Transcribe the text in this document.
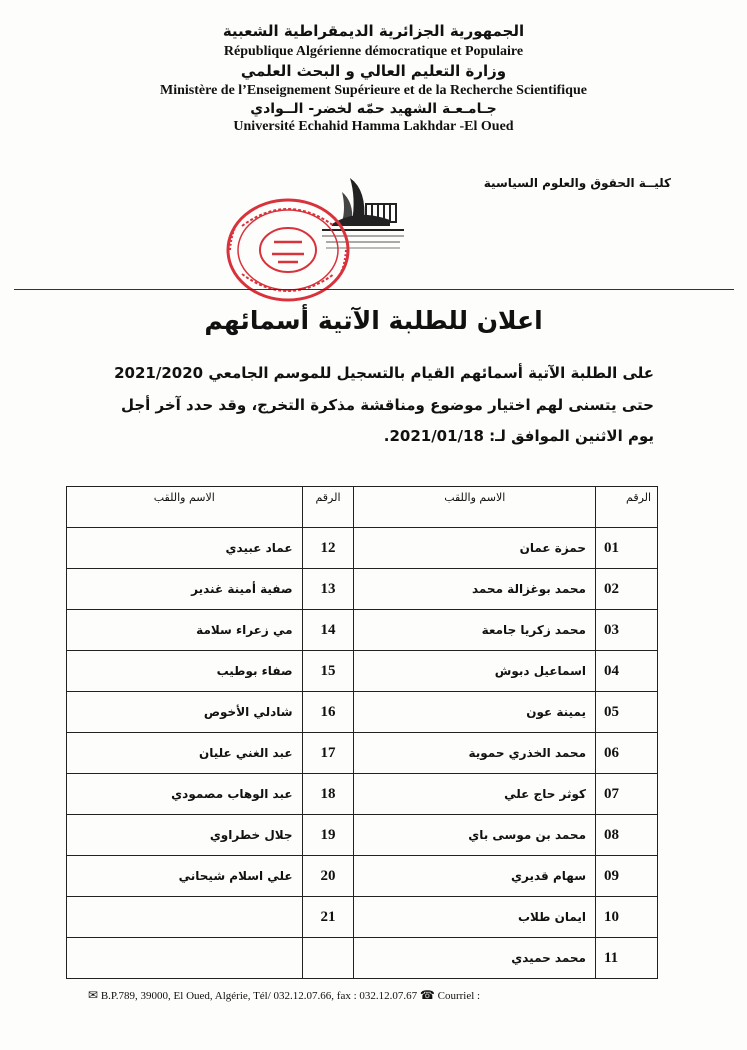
الجمهورية الجزائرية الديمقراطية الشعبية
République Algérienne démocratique et Populaire
وزارة التعليم العالي و البحث العلمي
Ministère de l’Enseignement Supérieure et de la Recherche Scientifique
جـامـعـة الشهيد حمّه لخضر- الــوادي
Université Echahid Hamma Lakhdar -El Oued
كليــة الحقوق والعلوم السياسية
اعلان للطلبة الآتية أسمائهم
على الطلبة الآتية أسمائهم القيام بالتسجيل للموسم الجامعي 2021/2020
حتى يتسنى لهم اختيار موضوع ومناقشة مذكرة التخرج، وقد حدد آخر أجل
يوم الاثنين الموافق لـ: 2021/01/18.
الاسم واللقب	الرقم	الاسم واللقب	الرقم
عماد عبيدي	12	حمزة عمان	01
صفية أمينة غندير	13	محمد بوغزالة محمد	02
مي زعراء سلامة	14	محمد زكريا جامعة	03
صفاء بوطيب	15	اسماعيل دبوش	04
شادلي الأخوص	16	يمينة عون	05
عبد الغني عليان	17	محمد الخذري حموية	06
عبد الوهاب مصمودي	18	كوثر حاج علي	07
جلال خطراوي	19	محمد بن موسى باي	08
علي اسلام شيحاني	20	سهام قديري	09
	21	ايمان طلاب	10
		محمد حميدي	11
✉ B.P.789, 39000, El Oued, Algérie, Tél/ 032.12.07.66, fax : 032.12.07.67 ☎ Courriel :
